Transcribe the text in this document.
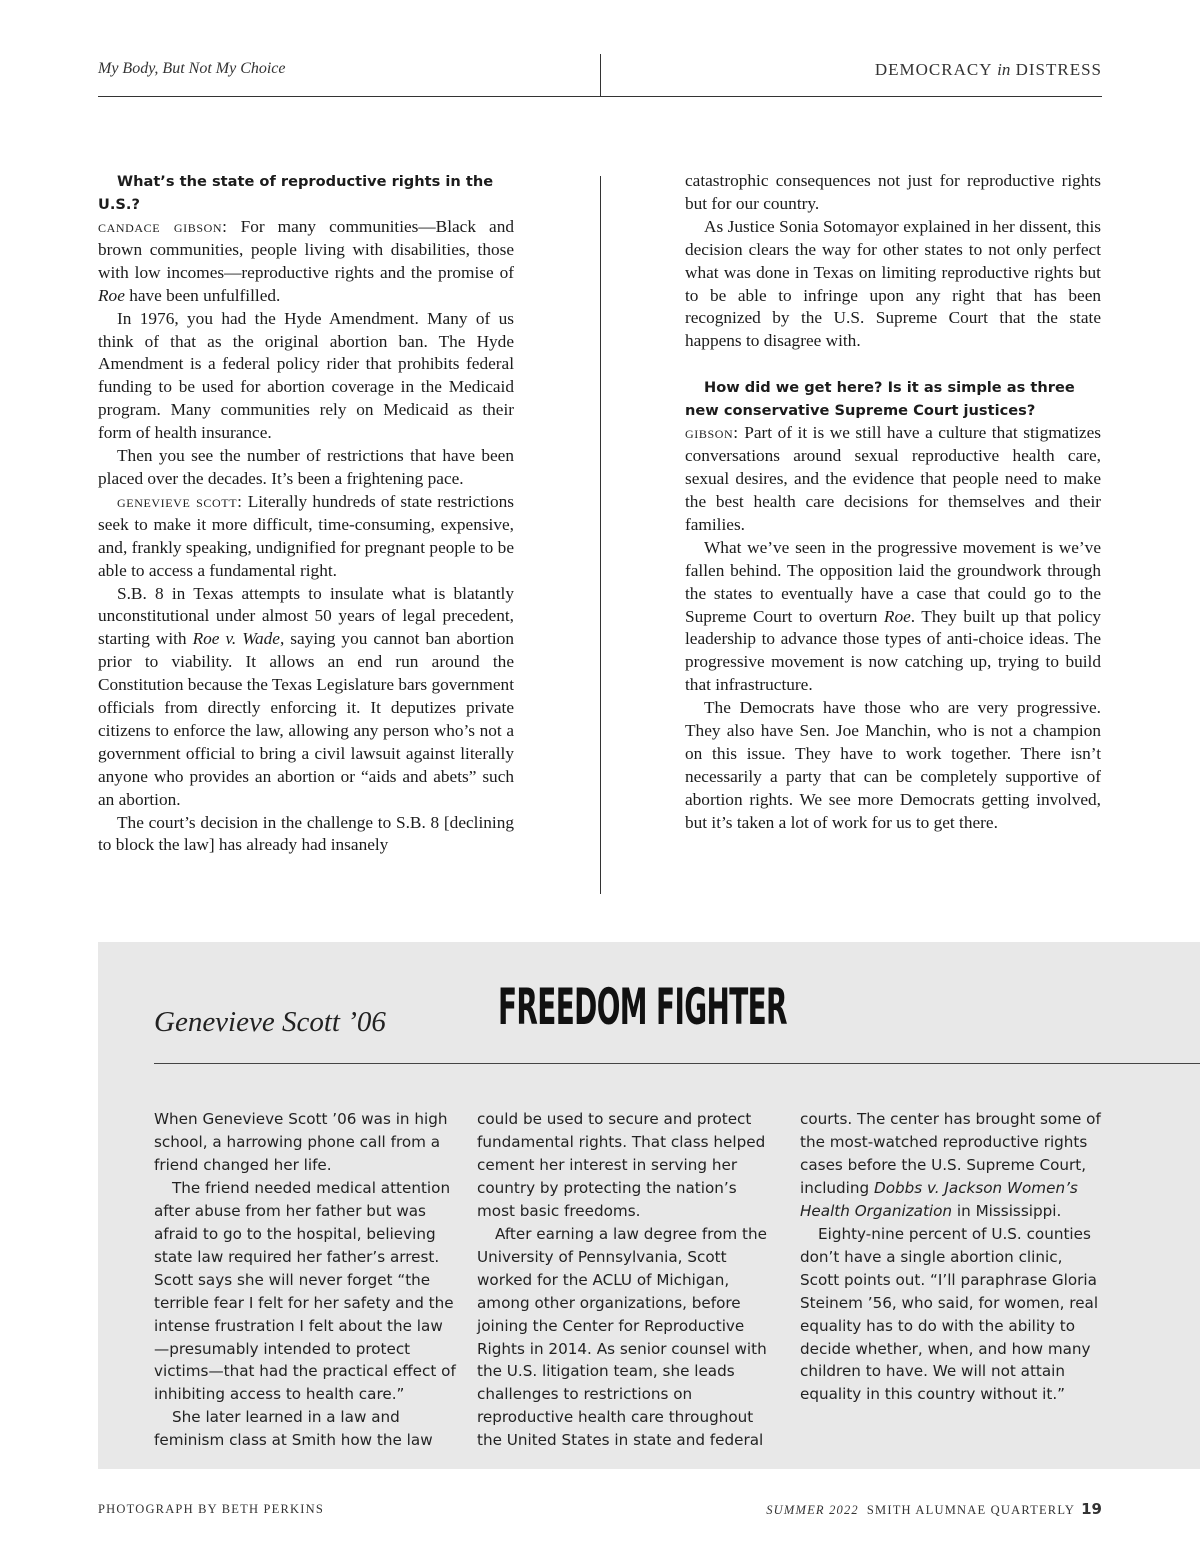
My Body, But Not My Choice	DEMOCRACY in DISTRESS

What’s the state of reproductive rights in the U.S.?

candace gibson: For many communities—Black and brown communities, people living with disabilities, those with low incomes—reproductive rights and the promise of Roe have been unfulfilled.

In 1976, you had the Hyde Amendment. Many of us think of that as the original abortion ban. The Hyde Amendment is a federal policy rider that prohibits federal funding to be used for abortion coverage in the Medicaid program. Many communities rely on Medicaid as their form of health insurance.

Then you see the number of restrictions that have been placed over the decades. It’s been a frightening pace.

genevieve scott: Literally hundreds of state restrictions seek to make it more difficult, time-consuming, expensive, and, frankly speaking, undignified for pregnant people to be able to access a fundamental right.

S.B. 8 in Texas attempts to insulate what is blatantly unconstitutional under almost 50 years of legal precedent, starting with Roe v. Wade, saying you cannot ban abortion prior to viability. It allows an end run around the Constitution because the Texas Legislature bars government officials from directly enforcing it. It deputizes private citizens to enforce the law, allowing any person who’s not a government official to bring a civil lawsuit against literally anyone who provides an abortion or “aids and abets” such an abortion.

The court’s decision in the challenge to S.B. 8 [declining to block the law] has already had insanely

catastrophic consequences not just for reproductive rights but for our country.

As Justice Sonia Sotomayor explained in her dissent, this decision clears the way for other states to not only perfect what was done in Texas on limiting reproductive rights but to be able to infringe upon any right that has been recognized by the U.S. Supreme Court that the state happens to disagree with.

How did we get here? Is it as simple as three new conservative Supreme Court justices?

gibson: Part of it is we still have a culture that stigmatizes conversations around sexual reproductive health care, sexual desires, and the evidence that people need to make the best health care decisions for themselves and their families.

What we’ve seen in the progressive movement is we’ve fallen behind. The opposition laid the groundwork through the states to eventually have a case that could go to the Supreme Court to overturn Roe. They built up that policy leadership to advance those types of anti-choice ideas. The progressive movement is now catching up, trying to build that infrastructure.

The Democrats have those who are very progressive. They also have Sen. Joe Manchin, who is not a champion on this issue. They have to work together. There isn’t necessarily a party that can be completely supportive of abortion rights. We see more Democrats getting involved, but it’s taken a lot of work for us to get there.

Genevieve Scott ’06 FREEDOM FIGHTER

When Genevieve Scott ’06 was in high school, a harrowing phone call from a friend changed her life.

The friend needed medical attention after abuse from her father but was afraid to go to the hospital, believing state law required her father’s arrest. Scott says she will never forget “the terrible fear I felt for her safety and the intense frustration I felt about the law—presumably intended to protect victims—that had the practical effect of inhibiting access to health care.”

She later learned in a law and feminism class at Smith how the law

could be used to secure and protect fundamental rights. That class helped cement her interest in serving her country by protecting the nation’s most basic freedoms.

After earning a law degree from the University of Pennsylvania, Scott worked for the ACLU of Michigan, among other organizations, before joining the Center for Reproductive Rights in 2014. As senior counsel with the U.S. litigation team, she leads challenges to restrictions on reproductive health care throughout the United States in state and federal

courts. The center has brought some of the most-watched reproductive rights cases before the U.S. Supreme Court, including Dobbs v. Jackson Women’s Health Organization in Mississippi.

Eighty-nine percent of U.S. counties don’t have a single abortion clinic, Scott points out. “I’ll paraphrase Gloria Steinem ’56, who said, for women, real equality has to do with the ability to decide whether, when, and how many children to have. We will not attain equality in this country without it.”

PHOTOGRAPH BY BETH PERKINS	SUMMER 2022 SMITH ALUMNAE QUARTERLY 19
